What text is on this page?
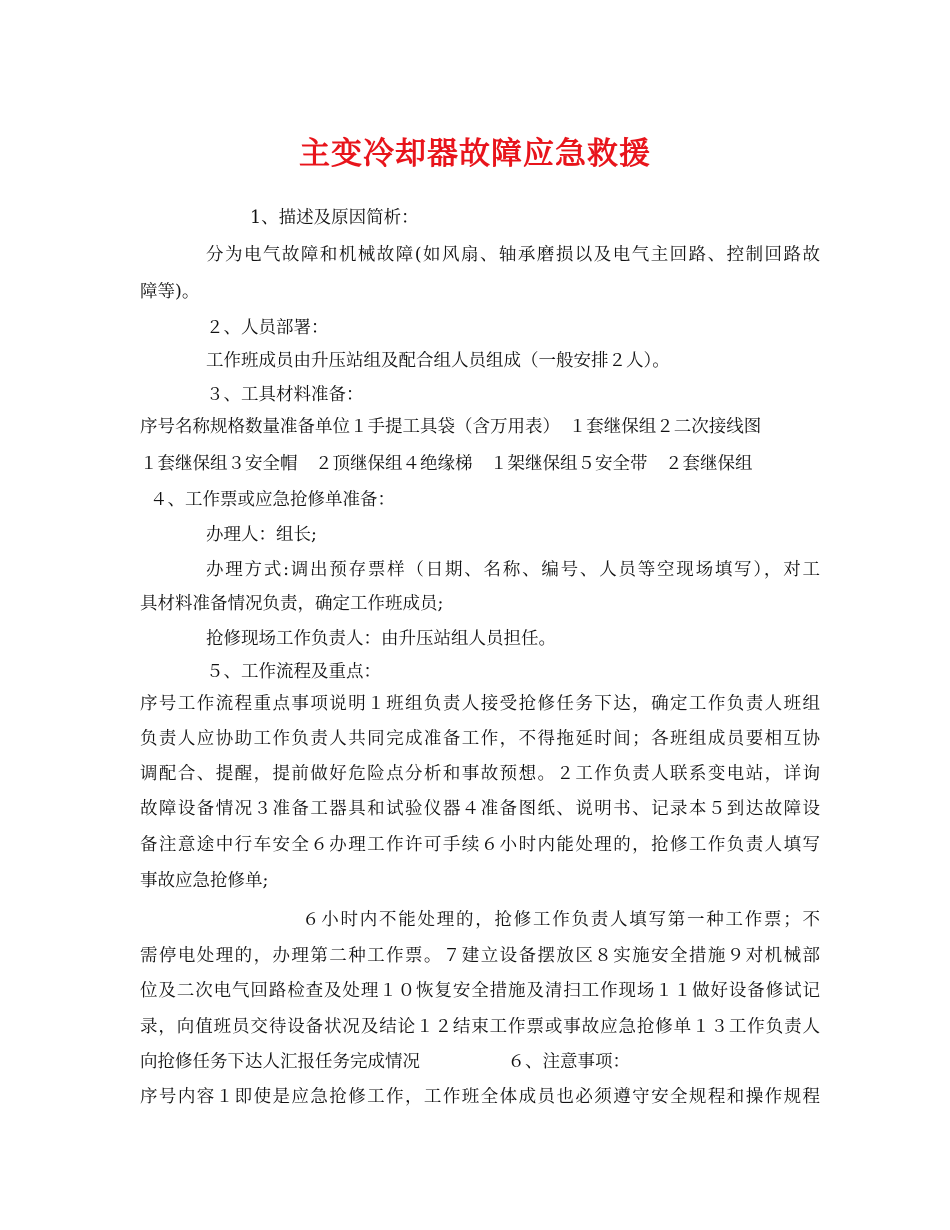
主变冷却器故障应急救援
1、描述及原因简析：
分为电气故障和机械故障(如风扇、轴承磨损以及电气主回路、控制回路故
障等)。
２、人员部署：
工作班成员由升压站组及配合组人员组成（一般安排２人）。
３、工具材料准备：
序号名称规格数量准备单位１手提工具袋（含万用表）　１套继保组２二次接线图
１套继保组３安全帽　２顶继保组４绝缘梯　１架继保组５安全带　２套继保组
４、工作票或应急抢修单准备：
办理人：组长;
办理方式:调出预存票样（日期、名称、编号、人员等空现场填写），对工
具材料准备情况负责，确定工作班成员;
抢修现场工作负责人：由升压站组人员担任。
５、工作流程及重点：
序号工作流程重点事项说明１班组负责人接受抢修任务下达，确定工作负责人班组
负责人应协助工作负责人共同完成准备工作，不得拖延时间；各班组成员要相互协
调配合、提醒，提前做好危险点分析和事故预想。２工作负责人联系变电站，详询
故障设备情况３准备工器具和试验仪器４准备图纸、说明书、记录本５到达故障设
备注意途中行车安全６办理工作许可手续６小时内能处理的，抢修工作负责人填写
事故应急抢修单;
６小时内不能处理的，抢修工作负责人填写第一种工作票；不
需停电处理的，办理第二种工作票。７建立设备摆放区８实施安全措施９对机械部
位及二次电气回路检查及处理１０恢复安全措施及清扫工作现场１１做好设备修试记
录，向值班员交待设备状况及结论１２结束工作票或事故应急抢修单１３工作负责人
向抢修任务下达人汇报任务完成情况　　　　　６、注意事项：
序号内容１即使是应急抢修工作，工作班全体成员也必须遵守安全规程和操作规程
